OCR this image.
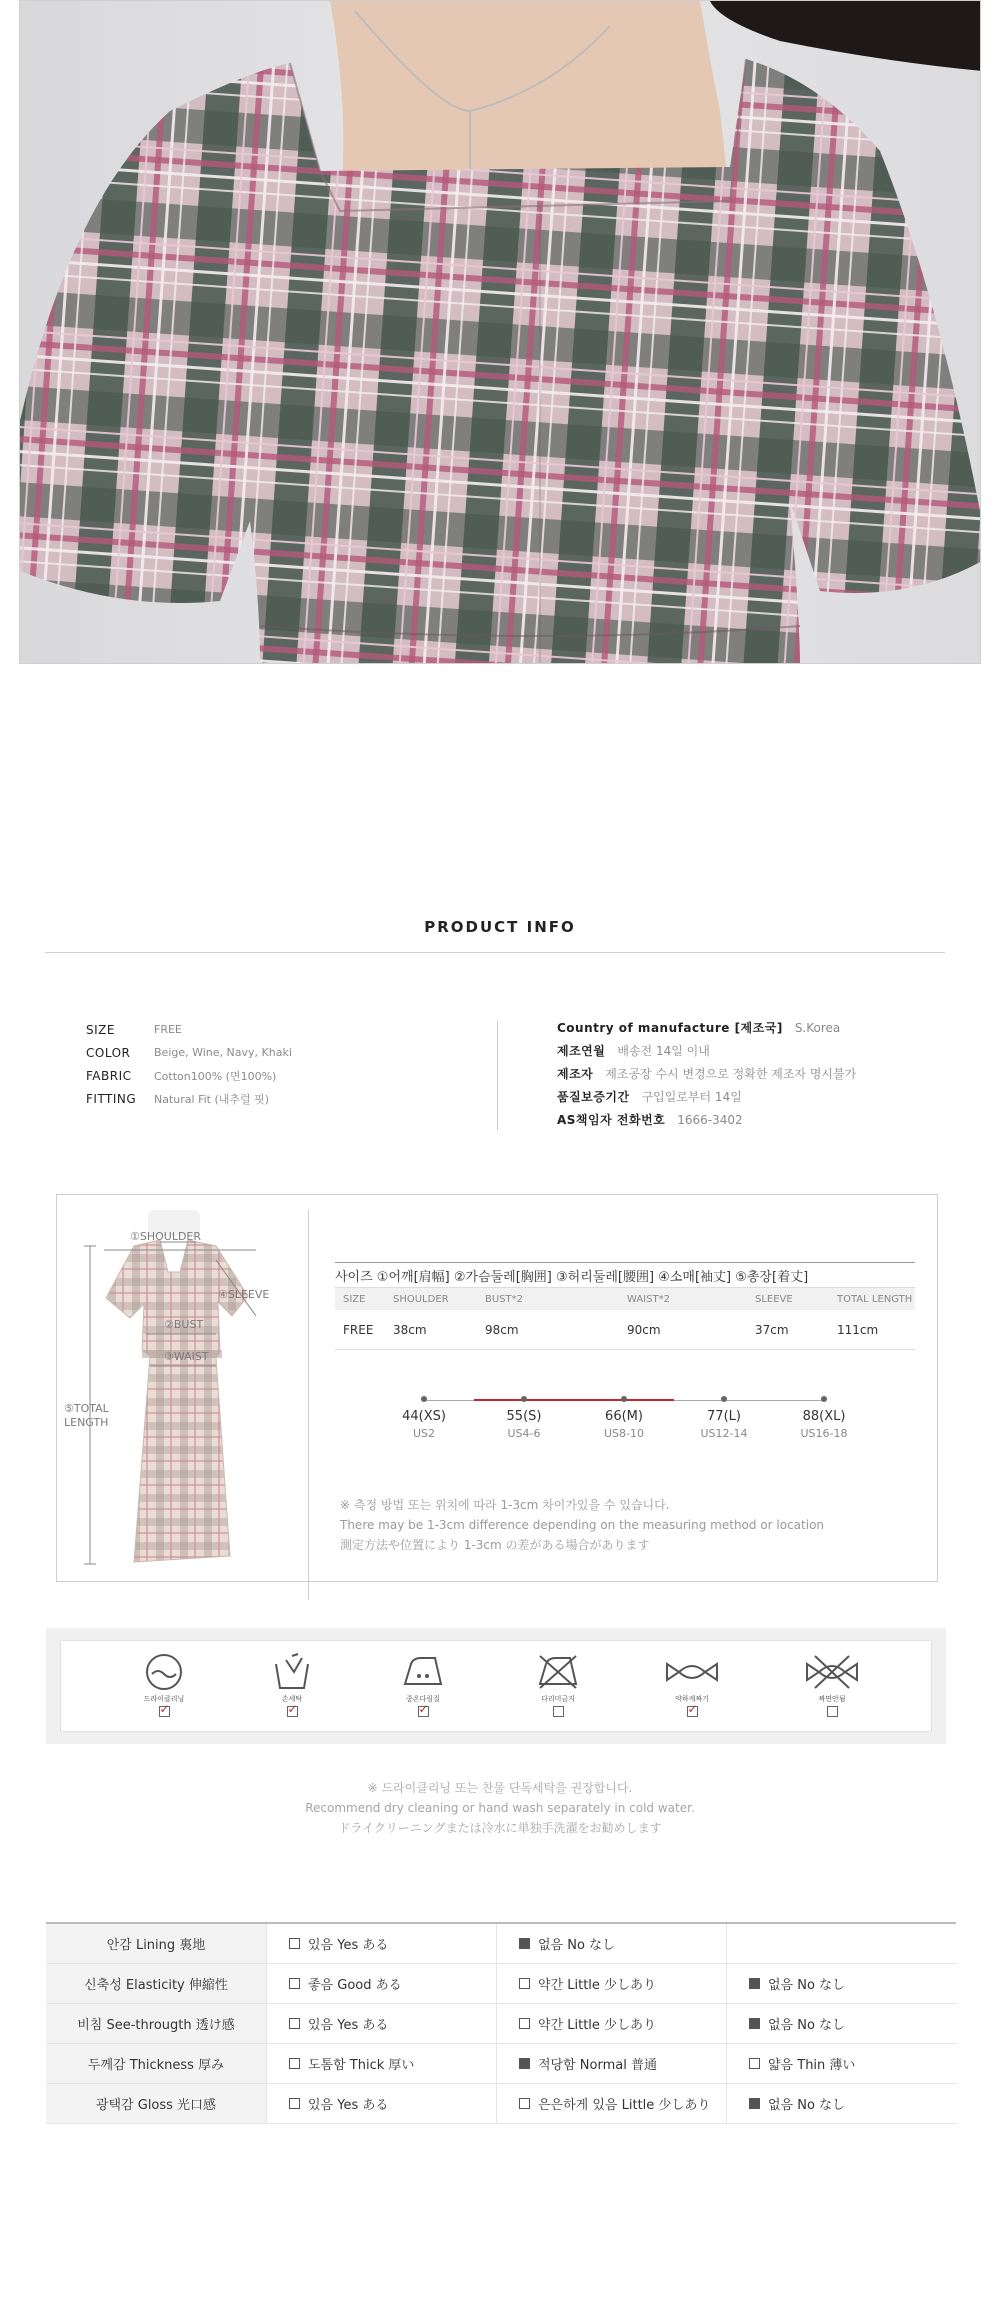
PRODUCT INFO
SIZE	FREE
COLOR	Beige, Wine, Navy, Khaki
FABRIC	Cotton100% (면100%)
FITTING	Natural Fit (내추럴 핏)
Country of manufacture [제조국] S.Korea
제조연월 배송전 14일 이내
제조자 제조공장 수시 변경으로 정확한 제조자 명시불가
품질보증기간 구입일로부터 14일
AS책임자 전화번호 1666-3402
①SHOULDER
④SLEEVE
②BUST
③WAIST
⑤TOTAL
LENGTH
사이즈 ①어깨[肩幅] ②가슴둘레[胸囲] ③허리둘레[腰囲] ④소매[袖丈] ⑤총장[着丈]
SIZE	SHOULDER	BUST*2	WAIST*2	SLEEVE	TOTAL LENGTH
FREE	38cm	98cm	90cm	37cm	111cm
44(XS)
US2
55(S)
US4-6
66(M)
US8-10
77(L)
US12-14
88(XL)
US16-18
※ 측정 방법 또는 위치에 따라 1-3cm 차이가있을 수 있습니다.
There may be 1-3cm difference depending on the measuring method or location
測定方法や位置により 1-3cm の差がある場合があります
드라이클리닝
✓	손세탁
✓	중온다림질
✓	다리미금지	약하게짜기
✓	짜면안됨
※ 드라이클리닝 또는 찬물 단독세탁을 권장합니다.
Recommend dry cleaning or hand wash separately in cold water.
ドライクリーニングまたは冷水に単独手洗濯をお勧めします
안감 Lining 裏地	있음 Yes ある	없음 No なし
신축성 Elasticity 伸縮性	좋음 Good ある	약간 Little 少しあり	없음 No なし
비침 See-througth 透け感	있음 Yes ある	약간 Little 少しあり	없음 No なし
두께감 Thickness 厚み	도톰함 Thick 厚い	적당함 Normal 普通	얇음 Thin 薄い
광택감 Gloss 光口感	있음 Yes ある	은은하게 있음 Little 少しあり	없음 No なし
